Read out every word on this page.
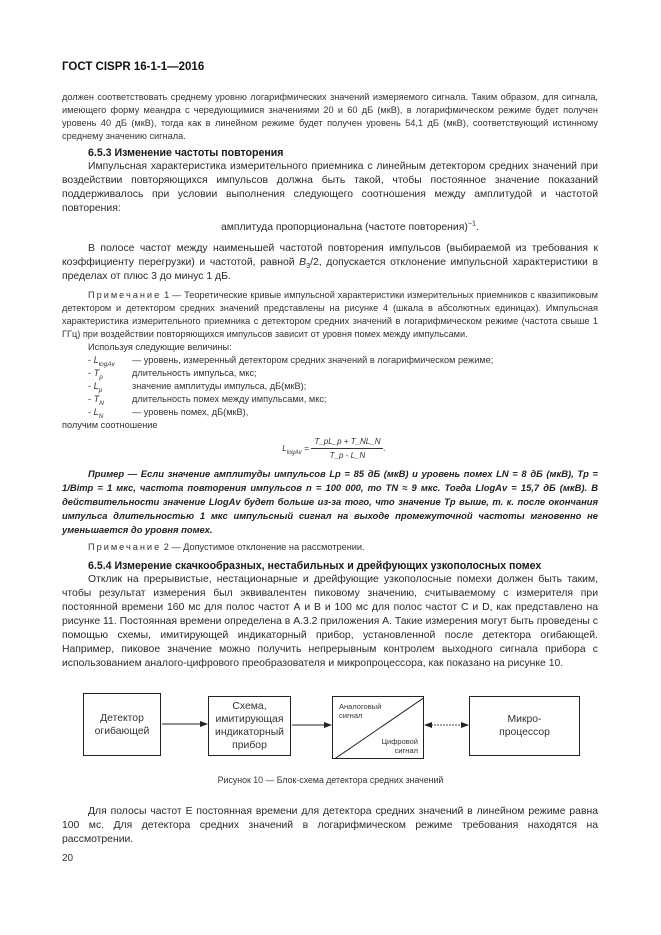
ГОСТ CISPR 16-1-1—2016
должен соответствовать среднему уровню логарифмических значений измеряемого сигнала. Таким образом, для сигнала, имеющего форму меандра с чередующимися значениями 20 и 60 дБ (мкВ), в логарифмическом режиме будет получен уровень 40 дБ (мкВ), тогда как в линейном режиме будет получен уровень 54,1 дБ (мкВ), соответствующий истинному среднему значению сигнала.
6.5.3 Изменение частоты повторения
Импульсная характеристика измерительного приемника с линейным детектором средних значений при воздействии повторяющихся импульсов должна быть такой, чтобы постоянное значение показаний поддерживалось при условии выполнения следующего соотношения между амплитудой и частотой повторения:
амплитуда пропорциональна (частоте повторения)$^{-1}$.
В полосе частот между наименьшей частотой повторения импульсов (выбираемой из требования к коэффициенту перегрузки) и частотой, равной $B_3/2$, допускается отклонение импульсной характеристики в пределах от плюс 3 до минус 1 дБ.
Примечание 1 — Теоретические кривые импульсной характеристики измерительных приемников с квазипиковым детектором и детектором средних значений представлены на рисунке 4 (шкала в абсолютных единицах). Импульсная характеристика измерительного приемника с детектором средних значений в логарифмическом режиме (частота свыше 1 ГГц) при воздействии повторяющихся импульсов зависит от уровня помех между импульсами.
Используя следующие величины:
- $L_{logAv}$	— уровень, измеренный детектором средних значений в логарифмическом режиме;
- $T_p$	длительность импульса, мкс;
- $L_p$	значение амплитуды импульса, дБ(мкВ);
- $T_N$	длительность помех между импульсами, мкс;
- $L_N$	— уровень помех, дБ(мкВ),
получим соотношение
$L_{logAv} = \frac{T\_pL\_p + T\_NL\_N}{T\_p - L\_N}$ .
Пример — Если значение амплитуды импульсов Lp = 85 дБ (мкВ) и уровень помех LN = 8 дБ (мкВ), Tp = 1/Bimp = 1 мкс, частота повторения импульсов n = 100 000, то TN ≈ 9 мкс. Тогда LlogAv = 15,7 дБ (мкВ). В действительности значение LlogAv будет больше из-за того, что значение Tp выше, т. к. после окончания импульса длительностью 1 мкс импульсный сигнал на выходе промежуточной частоты мгновенно не уменьшается до уровня помех.
Примечание 2 — Допустимое отклонение на рассмотрении.
6.5.4 Измерение скачкообразных, нестабильных и дрейфующих узкополосных помех
Отклик на прерывистые, нестационарные и дрейфующие узкополосные помехи должен быть таким, чтобы результат измерения был эквивалентен пиковому значению, считываемому с измерителя при постоянной времени 160 мс для полос частот А и В и 100 мс для полос частот С и D, как представлено на рисунке 11. Постоянная времени определена в А.3.2 приложения А. Такие измерения могут быть проведены с помощью схемы, имитирующей индикаторный прибор, установленной после детектора огибающей. Например, пиковое значение можно получить непрерывным контролем выходного сигнала прибора с использованием аналого-цифрового преобразователя и микропроцессора, как показано на рисунке 10.
Детектор огибающей
Схема, имитирующая индикаторный прибор
Аналоговый сигнал
Цифровой сигнал
Микро-процессор
Рисунок 10 — Блок-схема детектора средних значений
Для полосы частот Е постоянная времени для детектора средних значений в линейном режиме равна 100 мс. Для детектора средних значений в логарифмическом режиме требования находятся на рассмотрении.
20
